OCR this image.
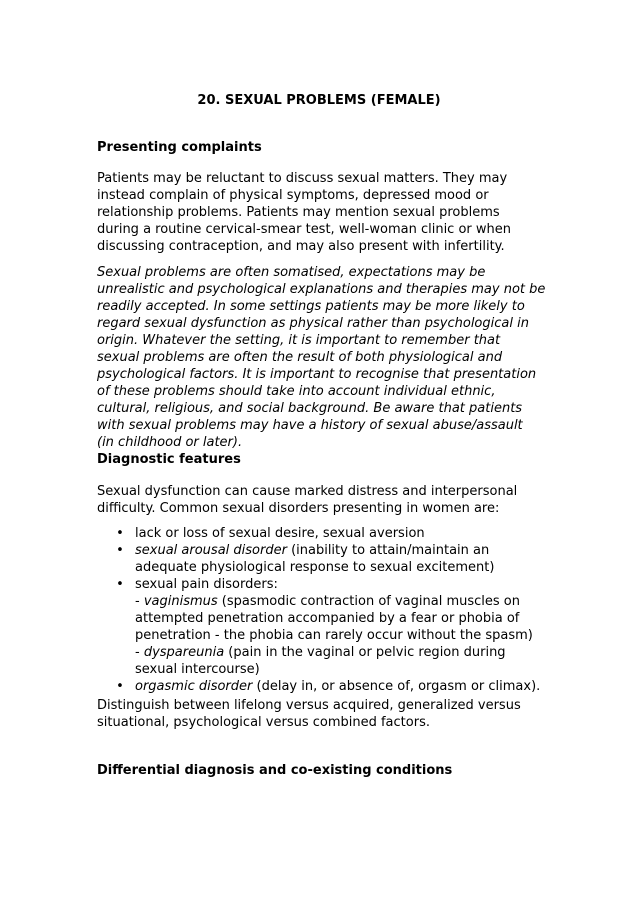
20. SEXUAL PROBLEMS (FEMALE)
Presenting complaints
Patients may be reluctant to discuss sexual matters. They may
instead complain of physical symptoms, depressed mood or
relationship problems. Patients may mention sexual problems
during a routine cervical-smear test, well-woman clinic or when
discussing contraception, and may also present with infertility.
Sexual problems are often somatised, expectations may be
unrealistic and psychological explanations and therapies may not be
readily accepted. In some settings patients may be more likely to
regard sexual dysfunction as physical rather than psychological in
origin. Whatever the setting, it is important to remember that
sexual problems are often the result of both physiological and
psychological factors. It is important to recognise that presentation
of these problems should take into account individual ethnic,
cultural, religious, and social background. Be aware that patients
with sexual problems may have a history of sexual abuse/assault
(in childhood or later).
Diagnostic features
Sexual dysfunction can cause marked distress and interpersonal
difficulty. Common sexual disorders presenting in women are:
• lack or loss of sexual desire, sexual aversion
• sexual arousal disorder (inability to attain/maintain an
adequate physiological response to sexual excitement)
• sexual pain disorders:
- vaginismus (spasmodic contraction of vaginal muscles on
attempted penetration accompanied by a fear or phobia of
penetration - the phobia can rarely occur without the spasm)
- dyspareunia (pain in the vaginal or pelvic region during
sexual intercourse)
• orgasmic disorder (delay in, or absence of, orgasm or climax).
Distinguish between lifelong versus acquired, generalized versus
situational, psychological versus combined factors.
Differential diagnosis and co-existing conditions
